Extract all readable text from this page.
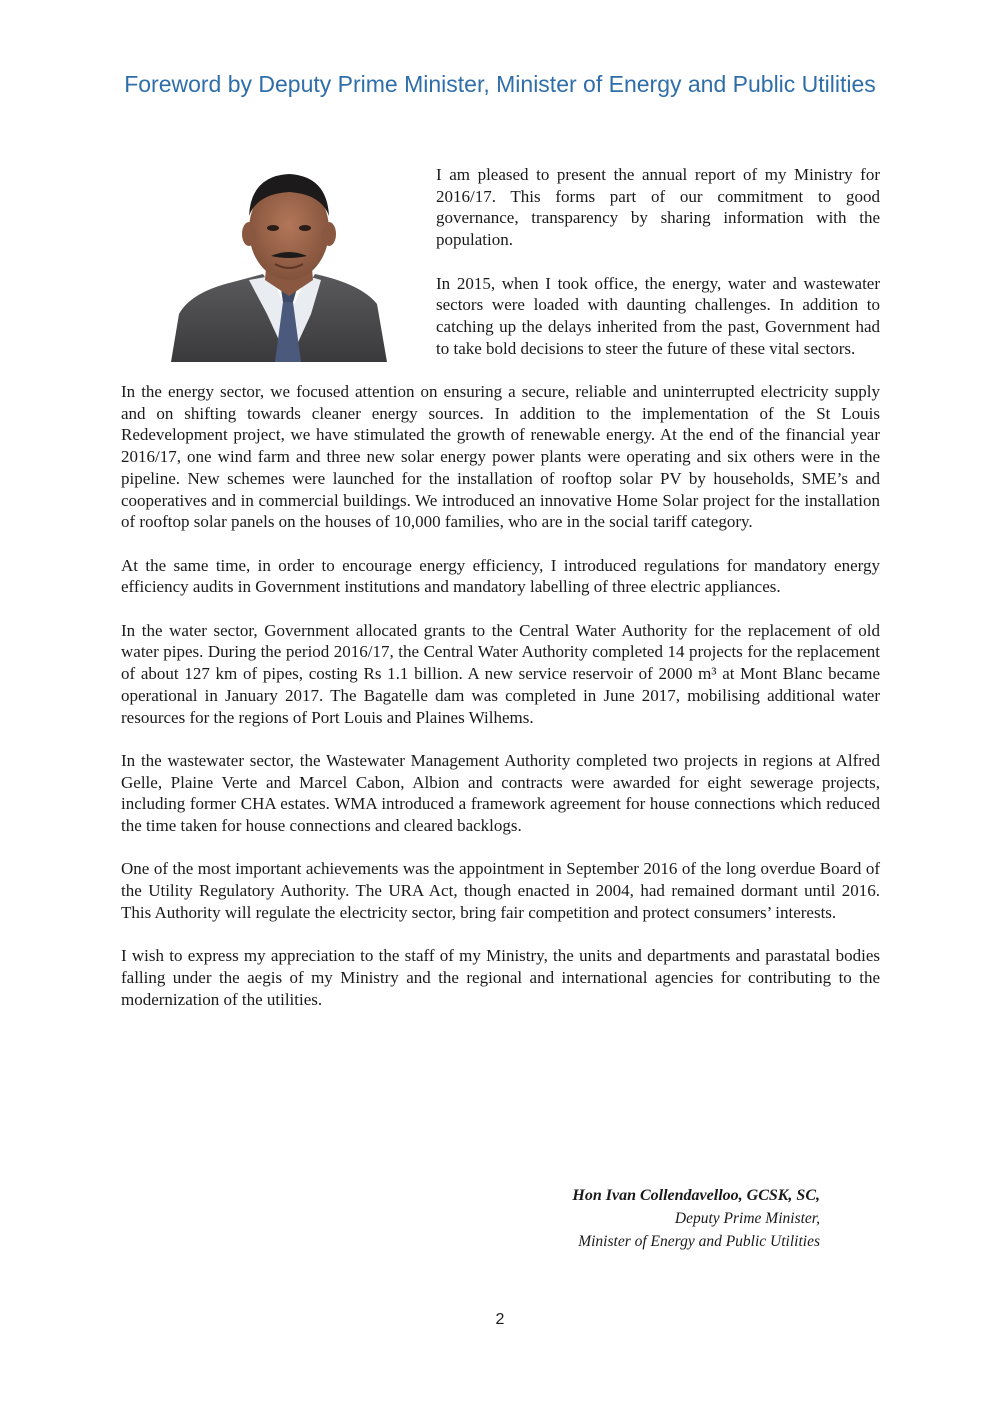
Foreword by Deputy Prime Minister, Minister of Energy and Public Utilities

I am pleased to present the annual report of my Ministry for 2016/17. This forms part of our commitment to good governance, transparency by sharing information with the population.

In 2015, when I took office, the energy, water and wastewater sectors were loaded with daunting challenges. In addition to catching up the delays inherited from the past, Government had to take bold decisions to steer the future of these vital sectors.

In the energy sector, we focused attention on ensuring a secure, reliable and uninterrupted electricity supply and on shifting towards cleaner energy sources. In addition to the implementation of the St Louis Redevelopment project, we have stimulated the growth of renewable energy. At the end of the financial year 2016/17, one wind farm and three new solar energy power plants were operating and six others were in the pipeline. New schemes were launched for the installation of rooftop solar PV by households, SME’s and cooperatives and in commercial buildings. We introduced an innovative Home Solar project for the installation of rooftop solar panels on the houses of 10,000 families, who are in the social tariff category.

At the same time, in order to encourage energy efficiency, I introduced regulations for mandatory energy efficiency audits in Government institutions and mandatory labelling of three electric appliances.

In the water sector, Government allocated grants to the Central Water Authority for the replacement of old water pipes. During the period 2016/17, the Central Water Authority completed 14 projects for the replacement of about 127 km of pipes, costing Rs 1.1 billion. A new service reservoir of 2000 m³ at Mont Blanc became operational in January 2017. The Bagatelle dam was completed in June 2017, mobilising additional water resources for the regions of Port Louis and Plaines Wilhems.

In the wastewater sector, the Wastewater Management Authority completed two projects in regions at Alfred Gelle, Plaine Verte and Marcel Cabon, Albion and contracts were awarded for eight sewerage projects, including former CHA estates. WMA introduced a framework agreement for house connections which reduced the time taken for house connections and cleared backlogs.

One of the most important achievements was the appointment in September 2016 of the long overdue Board of the Utility Regulatory Authority. The URA Act, though enacted in 2004, had remained dormant until 2016. This Authority will regulate the electricity sector, bring fair competition and protect consumers’ interests.

I wish to express my appreciation to the staff of my Ministry, the units and departments and parastatal bodies falling under the aegis of my Ministry and the regional and international agencies for contributing to the modernization of the utilities.

Hon Ivan Collendavelloo, GCSK, SC,
Deputy Prime Minister,
Minister of Energy and Public Utilities
2
